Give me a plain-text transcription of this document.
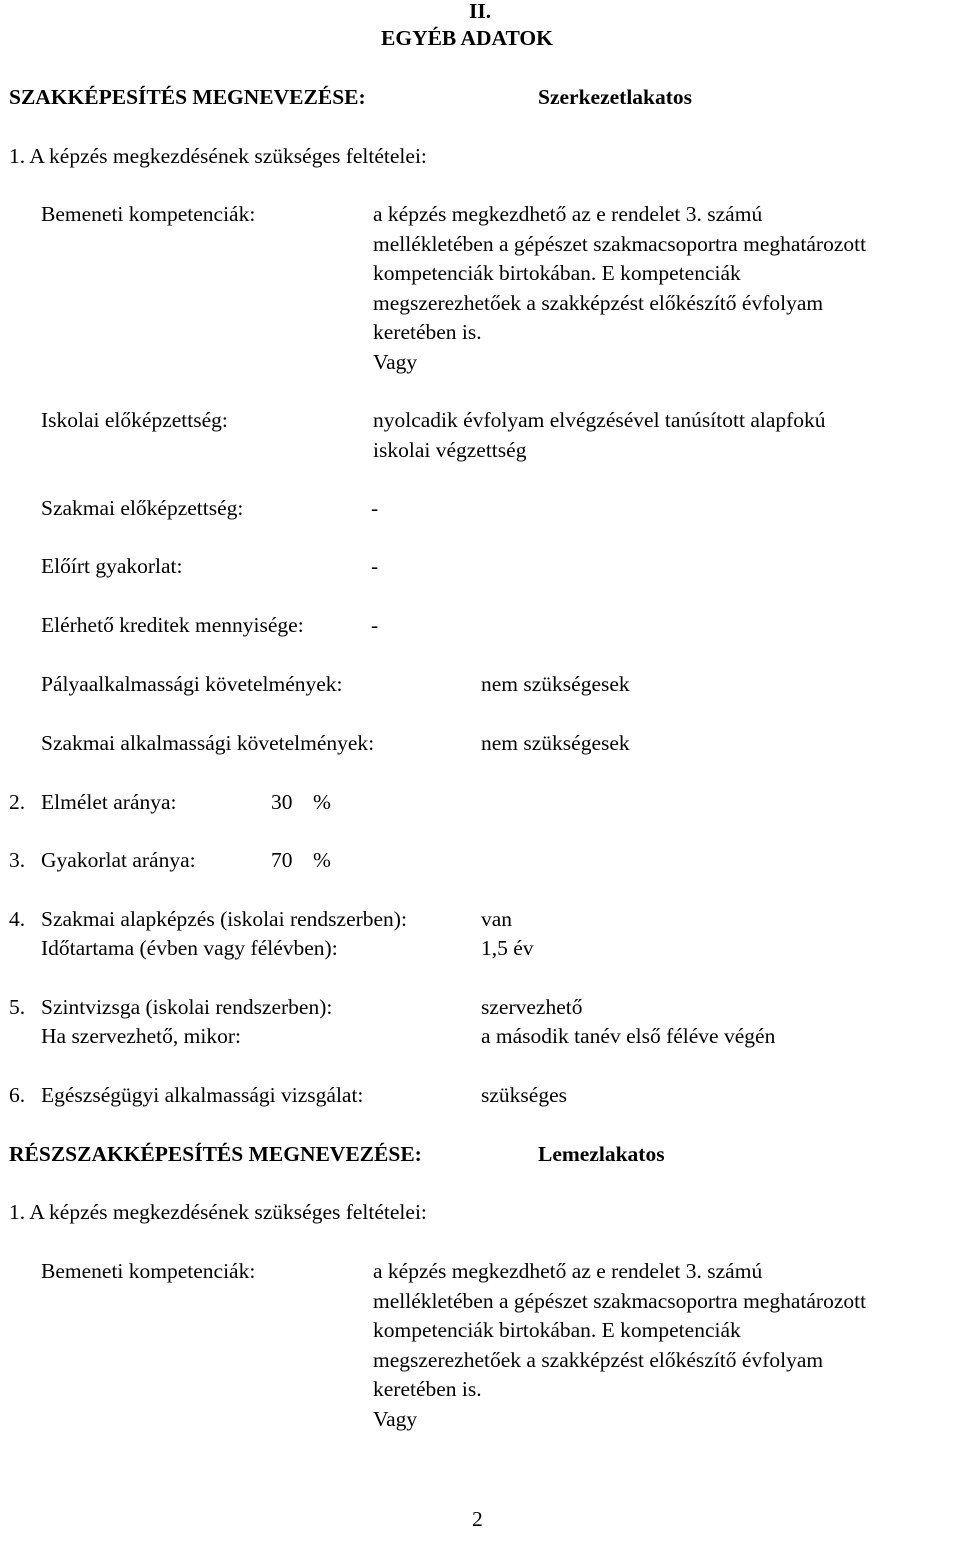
II.
EGYÉB ADATOK
SZAKKÉPESÍTÉS MEGNEVEZÉSE:	Szerkezetlakatos
1. A képzés megkezdésének szükséges feltételei:
Bemeneti kompetenciák:	a képzés megkezdhető az e rendelet 3. számú
mellékletében a gépészet szakmacsoportra meghatározott
kompetenciák birtokában. E kompetenciák
megszerezhetőek a szakképzést előkészítő évfolyam
keretében is.
Vagy
Iskolai előképzettség:	nyolcadik évfolyam elvégzésével tanúsított alapfokú
iskolai végzettség
Szakmai előképzettség:	-
Előírt gyakorlat:	-
Elérhető kreditek mennyisége:	-
Pályaalkalmassági követelmények:	nem szükségesek
Szakmai alkalmassági követelmények:	nem szükségesek
2. Elmélet aránya:	30 %
3. Gyakorlat aránya:	70 %
4. Szakmai alapképzés (iskolai rendszerben):	van
Időtartama (évben vagy félévben):	1,5 év
5. Szintvizsga (iskolai rendszerben):	szervezhető
Ha szervezhető, mikor:	a második tanév első féléve végén
6. Egészségügyi alkalmassági vizsgálat:	szükséges
RÉSZSZAKKÉPESÍTÉS MEGNEVEZÉSE:	Lemezlakatos
1. A képzés megkezdésének szükséges feltételei:
Bemeneti kompetenciák:	a képzés megkezdhető az e rendelet 3. számú
mellékletében a gépészet szakmacsoportra meghatározott
kompetenciák birtokában. E kompetenciák
megszerezhetőek a szakképzést előkészítő évfolyam
keretében is.
Vagy
2
